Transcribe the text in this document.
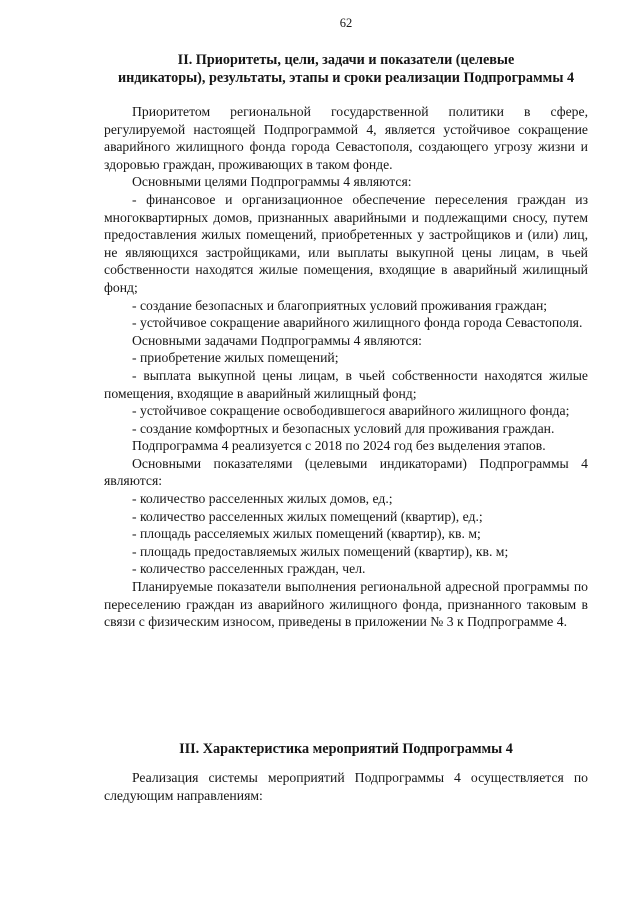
62
II. Приоритеты, цели, задачи и показатели (целевые
индикаторы), результаты, этапы и сроки реализации Подпрограммы 4

Приоритетом региональной государственной политики в сфере, регулируемой настоящей Подпрограммой 4, является устойчивое сокращение аварийного жилищного фонда города Севастополя, создающего угрозу жизни и здоровью граждан, проживающих в таком фонде.

Основными целями Подпрограммы 4 являются:

- финансовое и организационное обеспечение переселения граждан из многоквартирных домов, признанных аварийными и подлежащими сносу, путем предоставления жилых помещений, приобретенных у застройщиков и (или) лиц, не являющихся застройщиками, или выплаты выкупной цены лицам, в чьей собственности находятся жилые помещения, входящие в аварийный жилищный фонд;

- создание безопасных и благоприятных условий проживания граждан;

- устойчивое сокращение аварийного жилищного фонда города Севастополя.

Основными задачами Подпрограммы 4 являются:

- приобретение жилых помещений;

- выплата выкупной цены лицам, в чьей собственности находятся жилые помещения, входящие в аварийный жилищный фонд;

- устойчивое сокращение освободившегося аварийного жилищного фонда;

- создание комфортных и безопасных условий для проживания граждан.

Подпрограмма 4 реализуется с 2018 по 2024 год без выделения этапов.

Основными показателями (целевыми индикаторами) Подпрограммы 4 являются:

- количество расселенных жилых домов, ед.;

- количество расселенных жилых помещений (квартир), ед.;

- площадь расселяемых жилых помещений (квартир), кв. м;

- площадь предоставляемых жилых помещений (квартир), кв. м;

- количество расселенных граждан, чел.

Планируемые показатели выполнения региональной адресной программы по переселению граждан из аварийного жилищного фонда, признанного таковым в связи с физическим износом, приведены в приложении № 3 к Подпрограмме 4.

III. Характеристика мероприятий Подпрограммы 4

Реализация системы мероприятий Подпрограммы 4 осуществляется по следующим направлениям:
